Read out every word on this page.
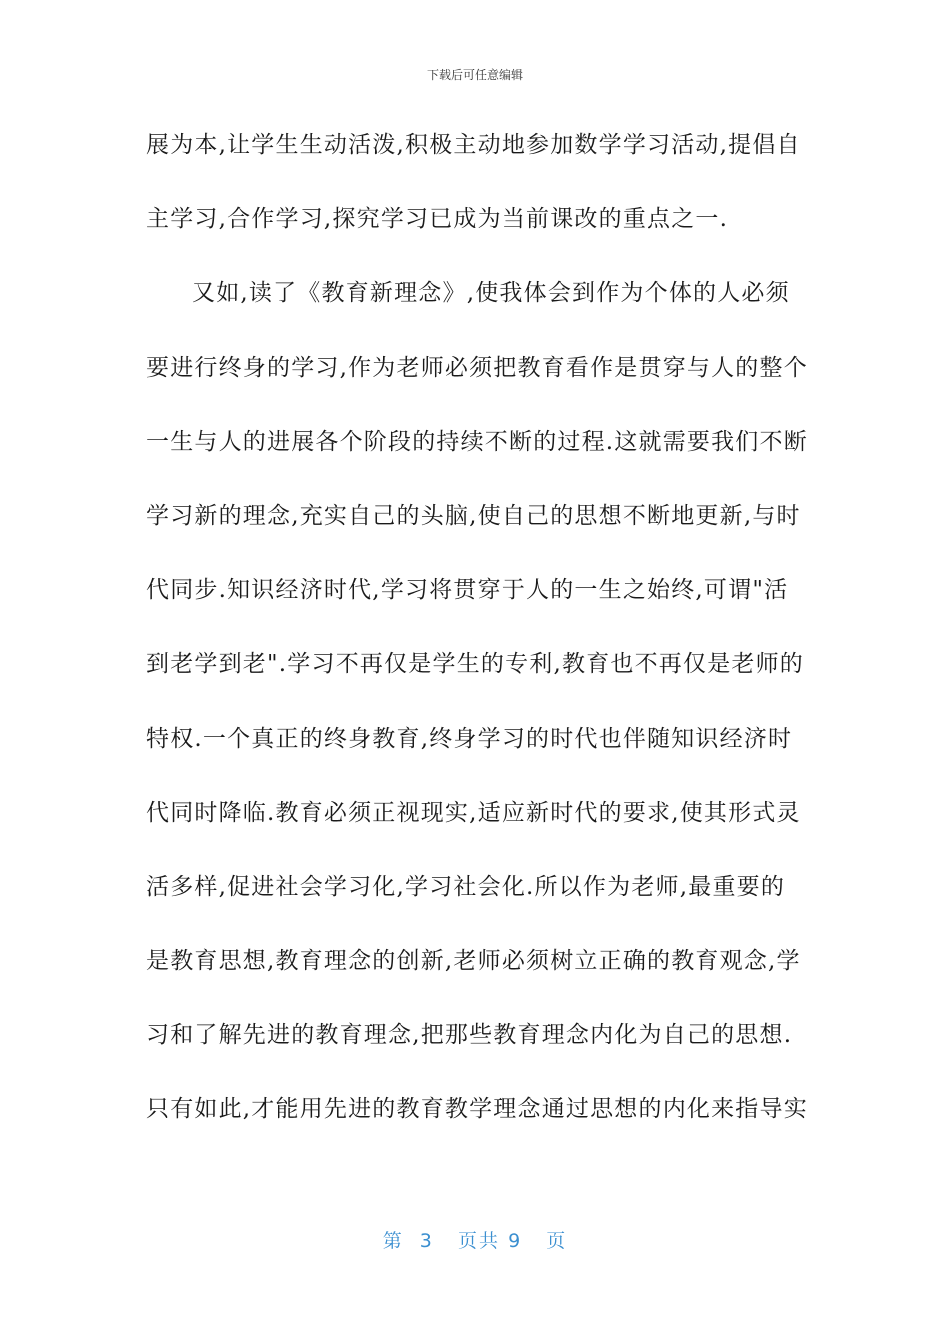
下载后可任意编辑
展为本,让学生生动活泼,积极主动地参加数学学习活动,提倡自
主学习,合作学习,探究学习已成为当前课改的重点之一.
又如,读了《教育新理念》,使我体会到作为个体的人必须
要进行终身的学习,作为老师必须把教育看作是贯穿与人的整个
一生与人的进展各个阶段的持续不断的过程.这就需要我们不断
学习新的理念,充实自己的头脑,使自己的思想不断地更新,与时
代同步.知识经济时代,学习将贯穿于人的一生之始终,可谓"活
到老学到老".学习不再仅是学生的专利,教育也不再仅是老师的
特权.一个真正的终身教育,终身学习的时代也伴随知识经济时
代同时降临.教育必须正视现实,适应新时代的要求,使其形式灵
活多样,促进社会学习化,学习社会化.所以作为老师,最重要的
是教育思想,教育理念的创新,老师必须树立正确的教育观念,学
习和了解先进的教育理念,把那些教育理念内化为自己的思想.
只有如此,才能用先进的教育教学理念通过思想的内化来指导实
第 3 页共 9 页
